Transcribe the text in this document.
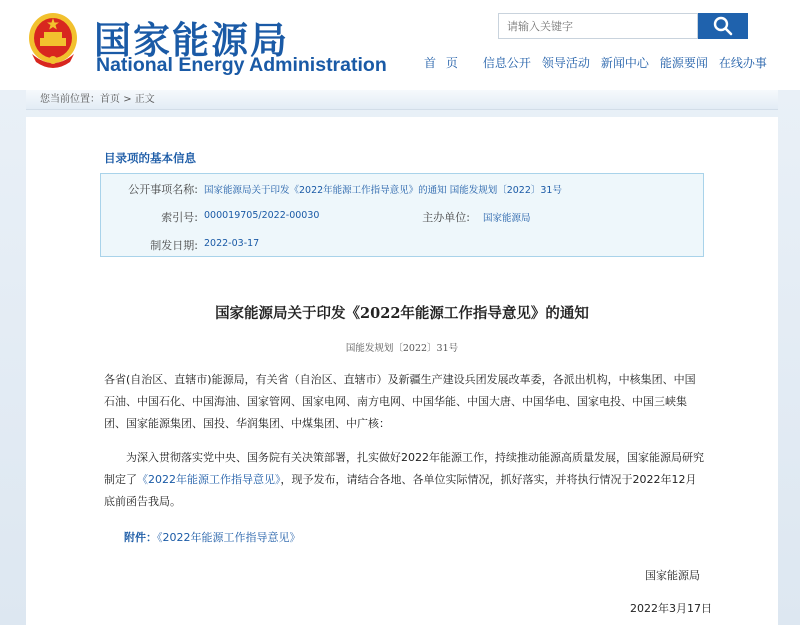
国家能源局
National Energy Administration
请输入关键字	首 页 信息公开 领导活动 新闻中心 能源要闻 在线办事
您当前位置：首页 > 正文
目录项的基本信息
公开事项名称: 国家能源局关于印发《2022年能源工作指导意见》的通知 国能发规划〔2022〕31号
索引号: 000019705/2022-00030	主办单位: 国家能源局
制发日期: 2022-03-17
国家能源局关于印发《2022年能源工作指导意见》的通知
国能发规划〔2022〕31号
各省(自治区、直辖市)能源局，有关省（自治区、直辖市）及新疆生产建设兵团发展改革委，各派出机构，中核集团、中国石油、中国石化、中国海油、国家管网、国家电网、南方电网、中国华能、中国大唐、中国华电、国家电投、中国三峡集团、国家能源集团、国投、华润集团、中煤集团、中广核：
为深入贯彻落实党中央、国务院有关决策部署，扎实做好2022年能源工作，持续推动能源高质量发展，国家能源局研究制定了《2022年能源工作指导意见》，现予发布，请结合各地、各单位实际情况，抓好落实，并将执行情况于2022年12月底前函告我局。
附件：《2022年能源工作指导意见》
国家能源局
2022年3月17日
